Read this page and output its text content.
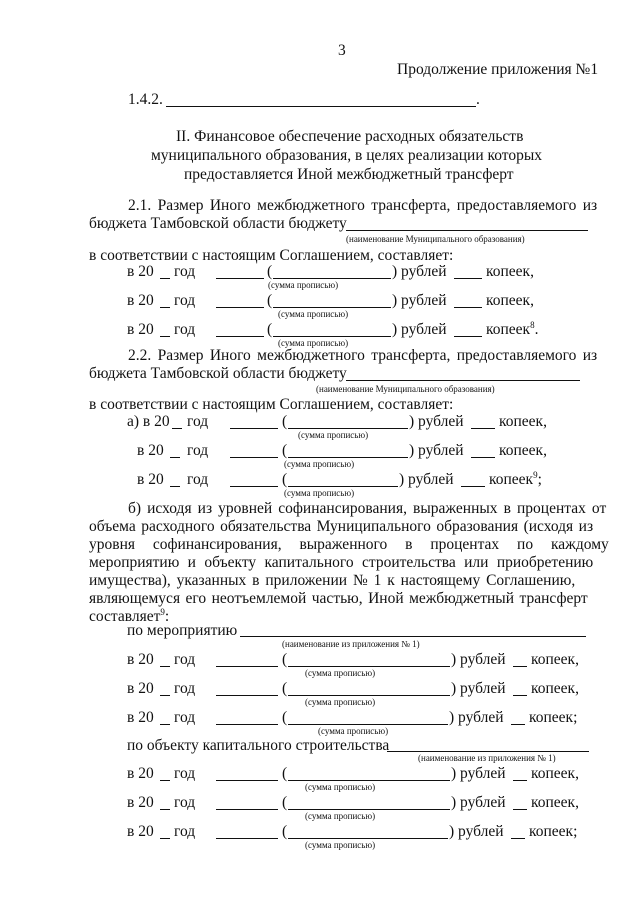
3
Продолжение приложения №1
1.4.2.	.
II. Финансовое обеспечение расходных обязательств
муниципального образования, в целях реализации которых
предоставляется Иной межбюджетный трансферт
2.1. Размер Иного межбюджетного трансферта, предоставляемого из
бюджета Тамбовской области бюджету
(наименование Муниципального образования)
в соответствии с настоящим Соглашением, составляет:
в 20 год	(	) рублей	копеек,
(сумма прописью)
в 20 год	(	) рублей	копеек,
(сумма прописью)
в 20 год	(	) рублей	копеек$^8$.
(сумма прописью)
2.2. Размер Иного межбюджетного трансферта, предоставляемого из
бюджета Тамбовской области бюджету
(наименование Муниципального образования)
в соответствии с настоящим Соглашением, составляет:
а) в 20 год	(	) рублей копеек,
(сумма прописью)
в 20 год	(	) рублей копеек,
(сумма прописью)
в 20 год	(	) рублей копеек$^9$;
(сумма прописью)
б) исходя из уровней софинансирования, выраженных в процентах от
объема расходного обязательства Муниципального образования (исходя из
уровня софинансирования, выраженного в процентах по каждому
мероприятию и объекту капитального строительства или приобретению
имущества), указанных в приложении № 1 к настоящему Соглашению,
являющемуся его неотъемлемой частью, Иной межбюджетный трансферт
составляет$^9$:
по мероприятию
(наименование из приложения № 1)
в 20 год	(	) рублей копеек,
(сумма прописью)
в 20 год	(	) рублей копеек,
(сумма прописью)
в 20 год	(	) рублей копеек;
(сумма прописью)
по объекту капитального строительства
(наименование из приложения № 1)
в 20 год	(	) рублей копеек,
(сумма прописью)
в 20 год	(	) рублей копеек,
(сумма прописью)
в 20 год	(	) рублей копеек;
(сумма прописью)
